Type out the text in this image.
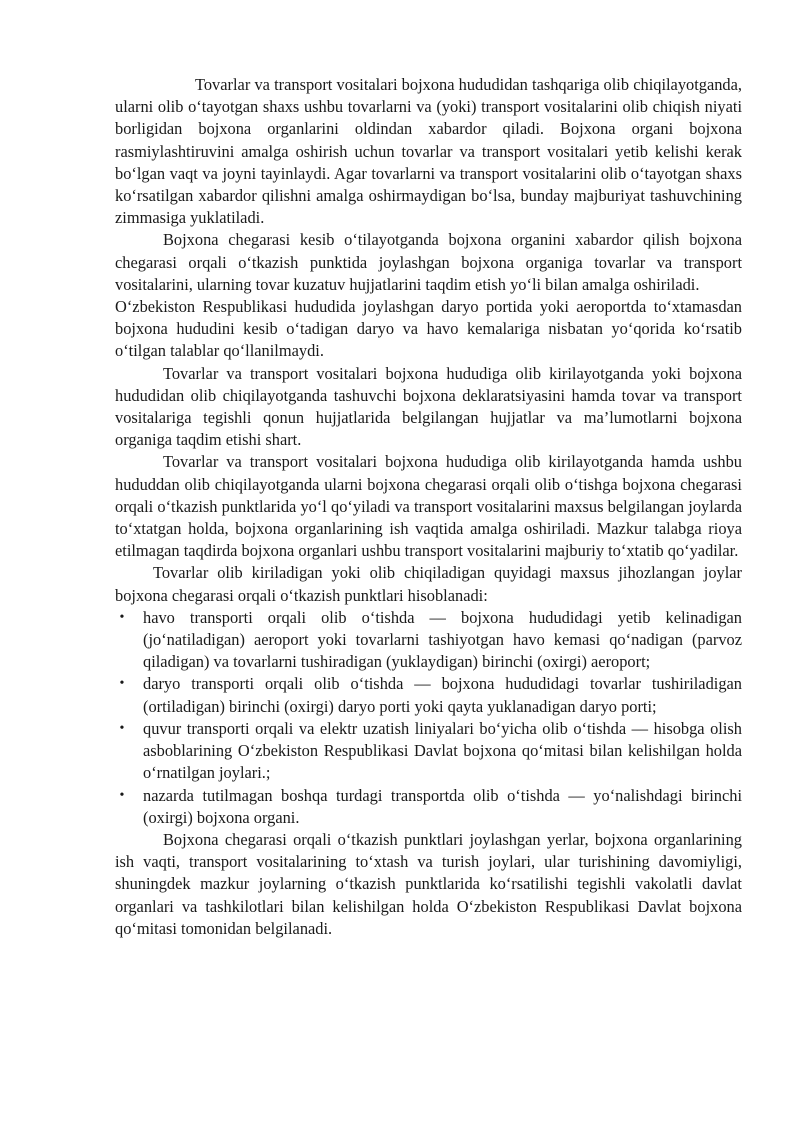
Tovarlar va transport vositalari bojxona hududidan tashqariga olib chiqilayotganda, ularni olib o‘tayotgan shaxs ushbu tovarlarni va (yoki) transport vositalarini olib chiqish niyati borligidan bojxona organlarini oldindan xabardor qiladi. Bojxona organi bojxona rasmiylashtiruvini amalga oshirish uchun tovarlar va transport vositalari yetib kelishi kerak bo‘lgan vaqt va joyni tayinlaydi. Agar tovarlarni va transport vositalarini olib o‘tayotgan shaxs ko‘rsatilgan xabardor qilishni amalga oshirmaydigan bo‘lsa, bunday majburiyat tashuvchining zimmasiga yuklatiladi.

Bojxona chegarasi kesib o‘tilayotganda bojxona organini xabardor qilish bojxona chegarasi orqali o‘tkazish punktida joylashgan bojxona organiga tovarlar va transport vositalarini, ularning tovar kuzatuv hujjatlarini taqdim etish yo‘li bilan amalga oshiriladi.

O‘zbekiston Respublikasi hududida joylashgan daryo portida yoki aeroportda to‘xtamasdan bojxona hududini kesib o‘tadigan daryo va havo kemalariga nisbatan yo‘qorida ko‘rsatib o‘tilgan talablar qo‘llanilmaydi.

Tovarlar va transport vositalari bojxona hududiga olib kirilayotganda yoki bojxona hududidan olib chiqilayotganda tashuvchi bojxona deklaratsiyasini hamda tovar va transport vositalariga tegishli qonun hujjatlarida belgilangan hujjatlar va ma’lumotlarni bojxona organiga taqdim etishi shart.

Tovarlar va transport vositalari bojxona hududiga olib kirilayotganda hamda ushbu hududdan olib chiqilayotganda ularni bojxona chegarasi orqali olib o‘tishga bojxona chegarasi orqali o‘tkazish punktlarida yo‘l qo‘yiladi va transport vositalarini maxsus belgilangan joylarda to‘xtatgan holda, bojxona organlarining ish vaqtida amalga oshiriladi. Mazkur talabga rioya etilmagan taqdirda bojxona organlari ushbu transport vositalarini majburiy to‘xtatib qo‘yadilar.

Tovarlar olib kiriladigan yoki olib chiqiladigan quyidagi maxsus jihozlangan joylar bojxona chegarasi orqali o‘tkazish punktlari hisoblanadi:

• havo transporti orqali olib o‘tishda — bojxona hududidagi yetib kelinadigan (jo‘natiladigan) aeroport yoki tovarlarni tashiyotgan havo kemasi qo‘nadigan (parvoz qiladigan) va tovarlarni tushiradigan (yuklaydigan) birinchi (oxirgi) aeroport;
• daryo transporti orqali olib o‘tishda — bojxona hududidagi tovarlar tushiriladigan (ortiladigan) birinchi (oxirgi) daryo porti yoki qayta yuklanadigan daryo porti;
• quvur transporti orqali va elektr uzatish liniyalari bo‘yicha olib o‘tishda — hisobga olish asboblarining O‘zbekiston Respublikasi Davlat bojxona qo‘mitasi bilan kelishilgan holda o‘rnatilgan joylari.;
• nazarda tutilmagan boshqa turdagi transportda olib o‘tishda — yo‘nalishdagi birinchi (oxirgi) bojxona organi.

Bojxona chegarasi orqali o‘tkazish punktlari joylashgan yerlar, bojxona organlarining ish vaqti, transport vositalarining to‘xtash va turish joylari, ular turishining davomiyligi, shuningdek mazkur joylarning o‘tkazish punktlarida ko‘rsatilishi tegishli vakolatli davlat organlari va tashkilotlari bilan kelishilgan holda O‘zbekiston Respublikasi Davlat bojxona qo‘mitasi tomonidan belgilanadi.
